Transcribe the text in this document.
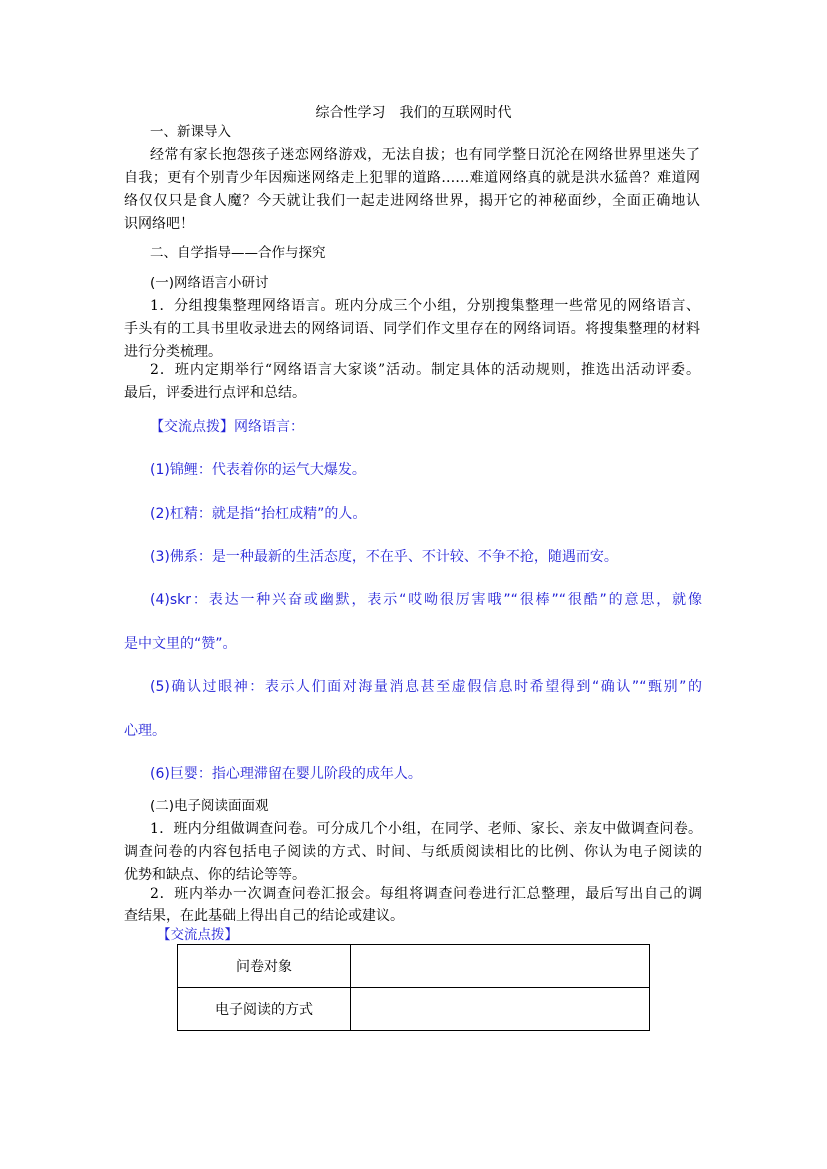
综合性学习　我们的互联网时代
一、新课导入
经常有家长抱怨孩子迷恋网络游戏，无法自拔；也有同学整日沉沦在网络世界里迷失了
自我；更有个别青少年因痴迷网络走上犯罪的道路……难道网络真的就是洪水猛兽？难道网
络仅仅只是食人魔？今天就让我们一起走进网络世界，揭开它的神秘面纱，全面正确地认
识网络吧！
二、自学指导——合作与探究
(一)网络语言小研讨
1．分组搜集整理网络语言。班内分成三个小组，分别搜集整理一些常见的网络语言、
手头有的工具书里收录进去的网络词语、同学们作文里存在的网络词语。将搜集整理的材料
进行分类梳理。
2．班内定期举行“网络语言大家谈”活动。制定具体的活动规则，推选出活动评委。
最后，评委进行点评和总结。
【交流点拨】网络语言：
(1)锦鲤：代表着你的运气大爆发。
(2)杠精：就是指“抬杠成精”的人。
(3)佛系：是一种最新的生活态度，不在乎、不计较、不争不抢，随遇而安。
(4)skr：表达一种兴奋或幽默，表示“哎呦很厉害哦”“很棒”“很酷”的意思，就像
是中文里的“赞”。
(5)确认过眼神：表示人们面对海量消息甚至虚假信息时希望得到“确认”“甄别”的
心理。
(6)巨婴：指心理滞留在婴儿阶段的成年人。
(二)电子阅读面面观
1．班内分组做调查问卷。可分成几个小组，在同学、老师、家长、亲友中做调查问卷。
调查问卷的内容包括电子阅读的方式、时间、与纸质阅读相比的比例、你认为电子阅读的
优势和缺点、你的结论等等。
2．班内举办一次调查问卷汇报会。每组将调查问卷进行汇总整理，最后写出自己的调
查结果，在此基础上得出自己的结论或建议。
【交流点拨】
问卷对象	
电子阅读的方式	
